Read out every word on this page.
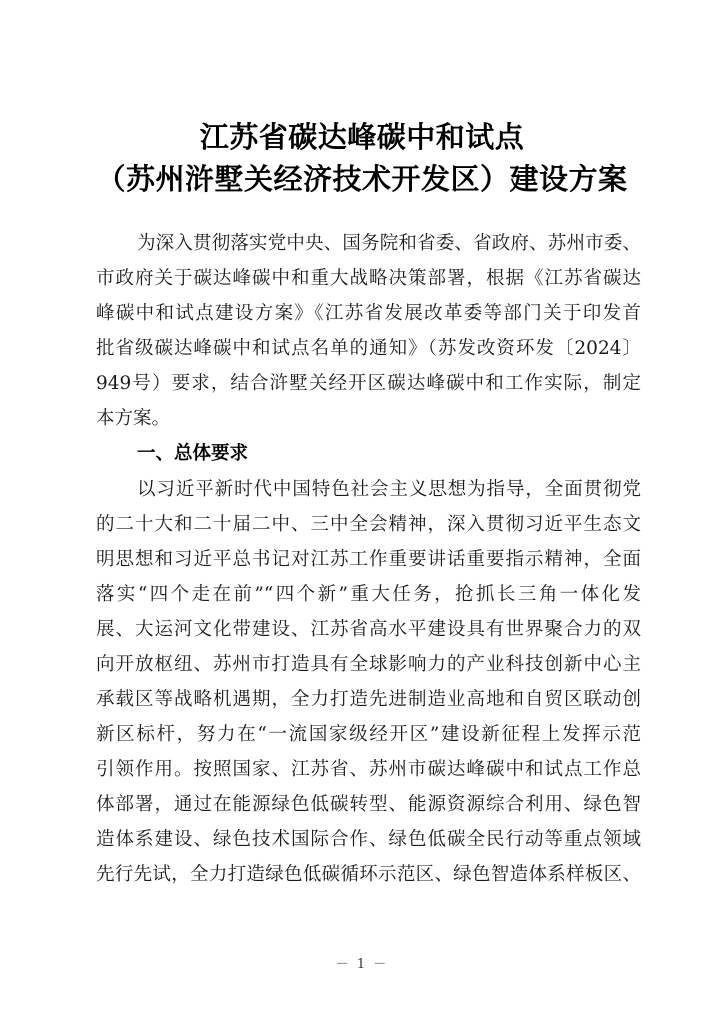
江苏省碳达峰碳中和试点
（苏州浒墅关经济技术开发区）建设方案
为深入贯彻落实党中央、国务院和省委、省政府、苏州市委、
市政府关于碳达峰碳中和重大战略决策部署，根据《江苏省碳达
峰碳中和试点建设方案》《江苏省发展改革委等部门关于印发首
批省级碳达峰碳中和试点名单的通知》（苏发改资环发〔2024〕
949号）要求，结合浒墅关经开区碳达峰碳中和工作实际，制定
本方案。
一、总体要求
以习近平新时代中国特色社会主义思想为指导，全面贯彻党
的二十大和二十届二中、三中全会精神，深入贯彻习近平生态文
明思想和习近平总书记对江苏工作重要讲话重要指示精神，全面
落实“四个走在前”“四个新”重大任务，抢抓长三角一体化发
展、大运河文化带建设、江苏省高水平建设具有世界聚合力的双
向开放枢纽、苏州市打造具有全球影响力的产业科技创新中心主
承载区等战略机遇期，全力打造先进制造业高地和自贸区联动创
新区标杆，努力在“一流国家级经开区”建设新征程上发挥示范
引领作用。按照国家、江苏省、苏州市碳达峰碳中和试点工作总
体部署，通过在能源绿色低碳转型、能源资源综合利用、绿色智
造体系建设、绿色技术国际合作、绿色低碳全民行动等重点领域
先行先试，全力打造绿色低碳循环示范区、绿色智造体系样板区、
－ 1 －
